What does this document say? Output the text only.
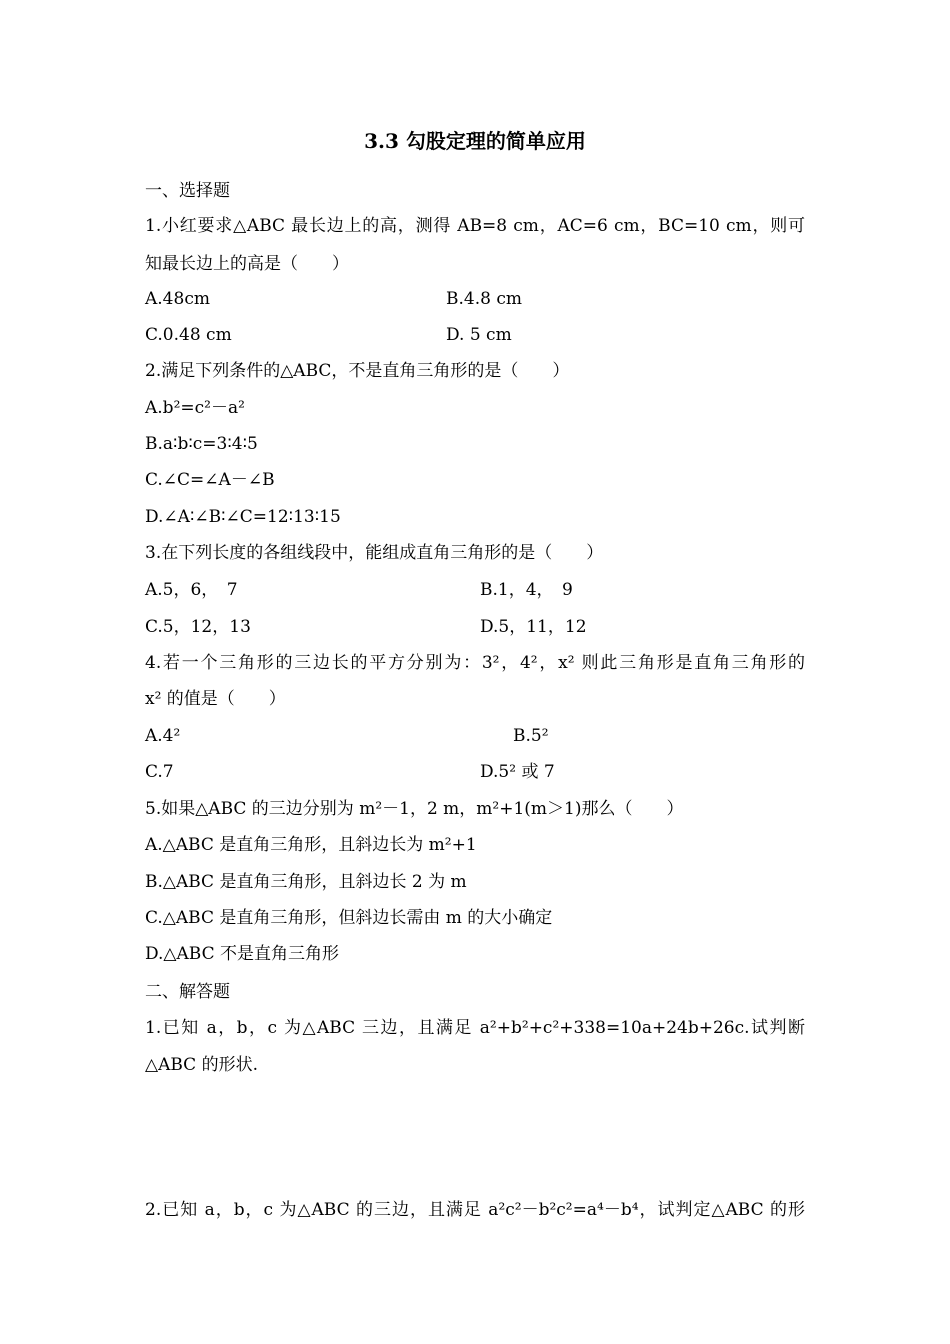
3.3 勾股定理的简单应用
一、选择题
1.小红要求△ABC 最长边上的高，测得 AB=8 cm，AC=6 cm，BC=10 cm，则可
知最长边上的高是（　　）
A.48cm	B.4.8 cm
C.0.48 cm	D. 5 cm
2.满足下列条件的△ABC，不是直角三角形的是（　　）
A.b²=c²－a²
B.a∶b∶c=3∶4∶5
C.∠C=∠A－∠B
D.∠A∶∠B∶∠C=12∶13∶15
3.在下列长度的各组线段中，能组成直角三角形的是（　　）
A.5，6，　7	B.1，4，　9
C.5，12，13	D.5，11，12
4.若一个三角形的三边长的平方分别为：3²，4²，x² 则此三角形是直角三角形的
x² 的值是（　　）
A.4²	B.5²
C.7	D.5² 或 7
5.如果△ABC 的三边分别为 m²－1，2 m，m²+1(m＞1)那么（　　）
A.△ABC 是直角三角形，且斜边长为 m²+1
B.△ABC 是直角三角形，且斜边长 2 为 m
C.△ABC 是直角三角形，但斜边长需由 m 的大小确定
D.△ABC 不是直角三角形
二、解答题
1.已知 a，b，c 为△ABC 三边，且满足 a²+b²+c²+338=10a+24b+26c.试判断
△ABC 的形状.
2.已知 a，b，c 为△ABC 的三边，且满足 a²c²－b²c²=a⁴－b⁴，试判定△ABC 的形
